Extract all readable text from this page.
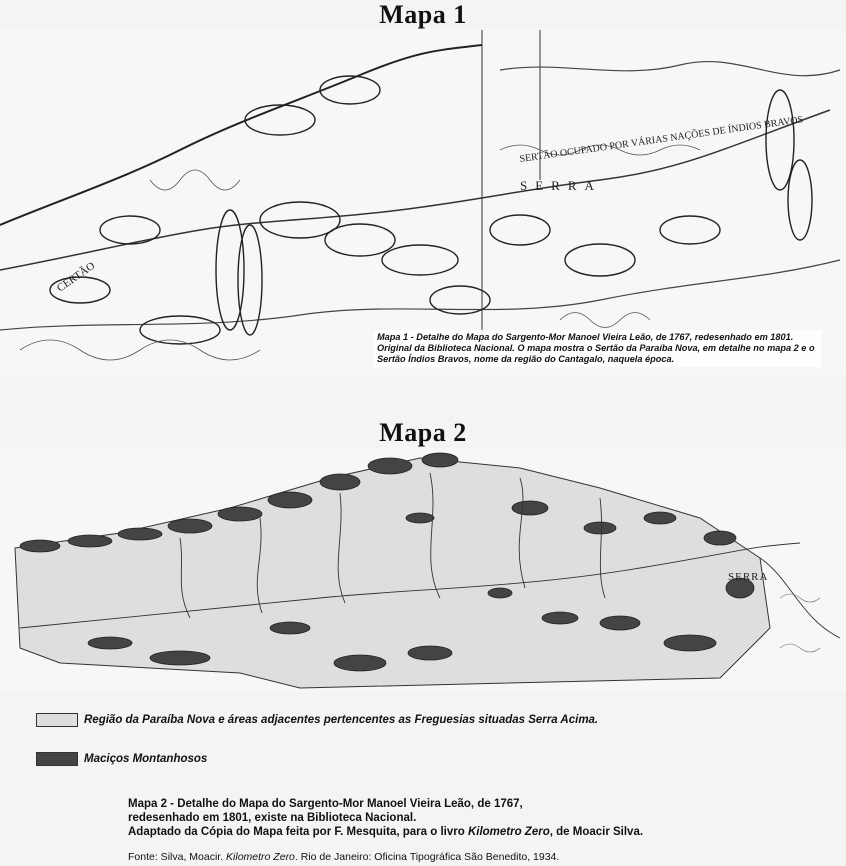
Mapa 1
SERTÃO OCUPADO POR VÁRIAS NAÇÕES DE ÍNDIOS BRAVOS
CERTÃO
SERRA
Mapa 1 - Detalhe do Mapa do Sargento-Mor Manoel Vieira Leão, de 1767, redesenhado em 1801. Original da Biblioteca Nacional. O mapa mostra o Sertão da Paraíba Nova, em detalhe no mapa 2 e o Sertão Índios Bravos, nome da região do Cantagalo, naquela época.
Mapa 2
SERRA
Região da Paraíba Nova e áreas adjacentes pertencentes as Freguesias situadas Serra Acima.
Maciços Montanhosos
Mapa 2 - Detalhe do Mapa do Sargento-Mor Manoel Vieira Leão, de 1767,
redesenhado em 1801, existe na Biblioteca Nacional.
Adaptado da Cópia do Mapa feita por F. Mesquita, para o livro Kilometro Zero, de Moacir Silva.
Fonte: Silva, Moacir. Kilometro Zero. Rio de Janeiro: Oficina Tipográfica São Benedito, 1934.
